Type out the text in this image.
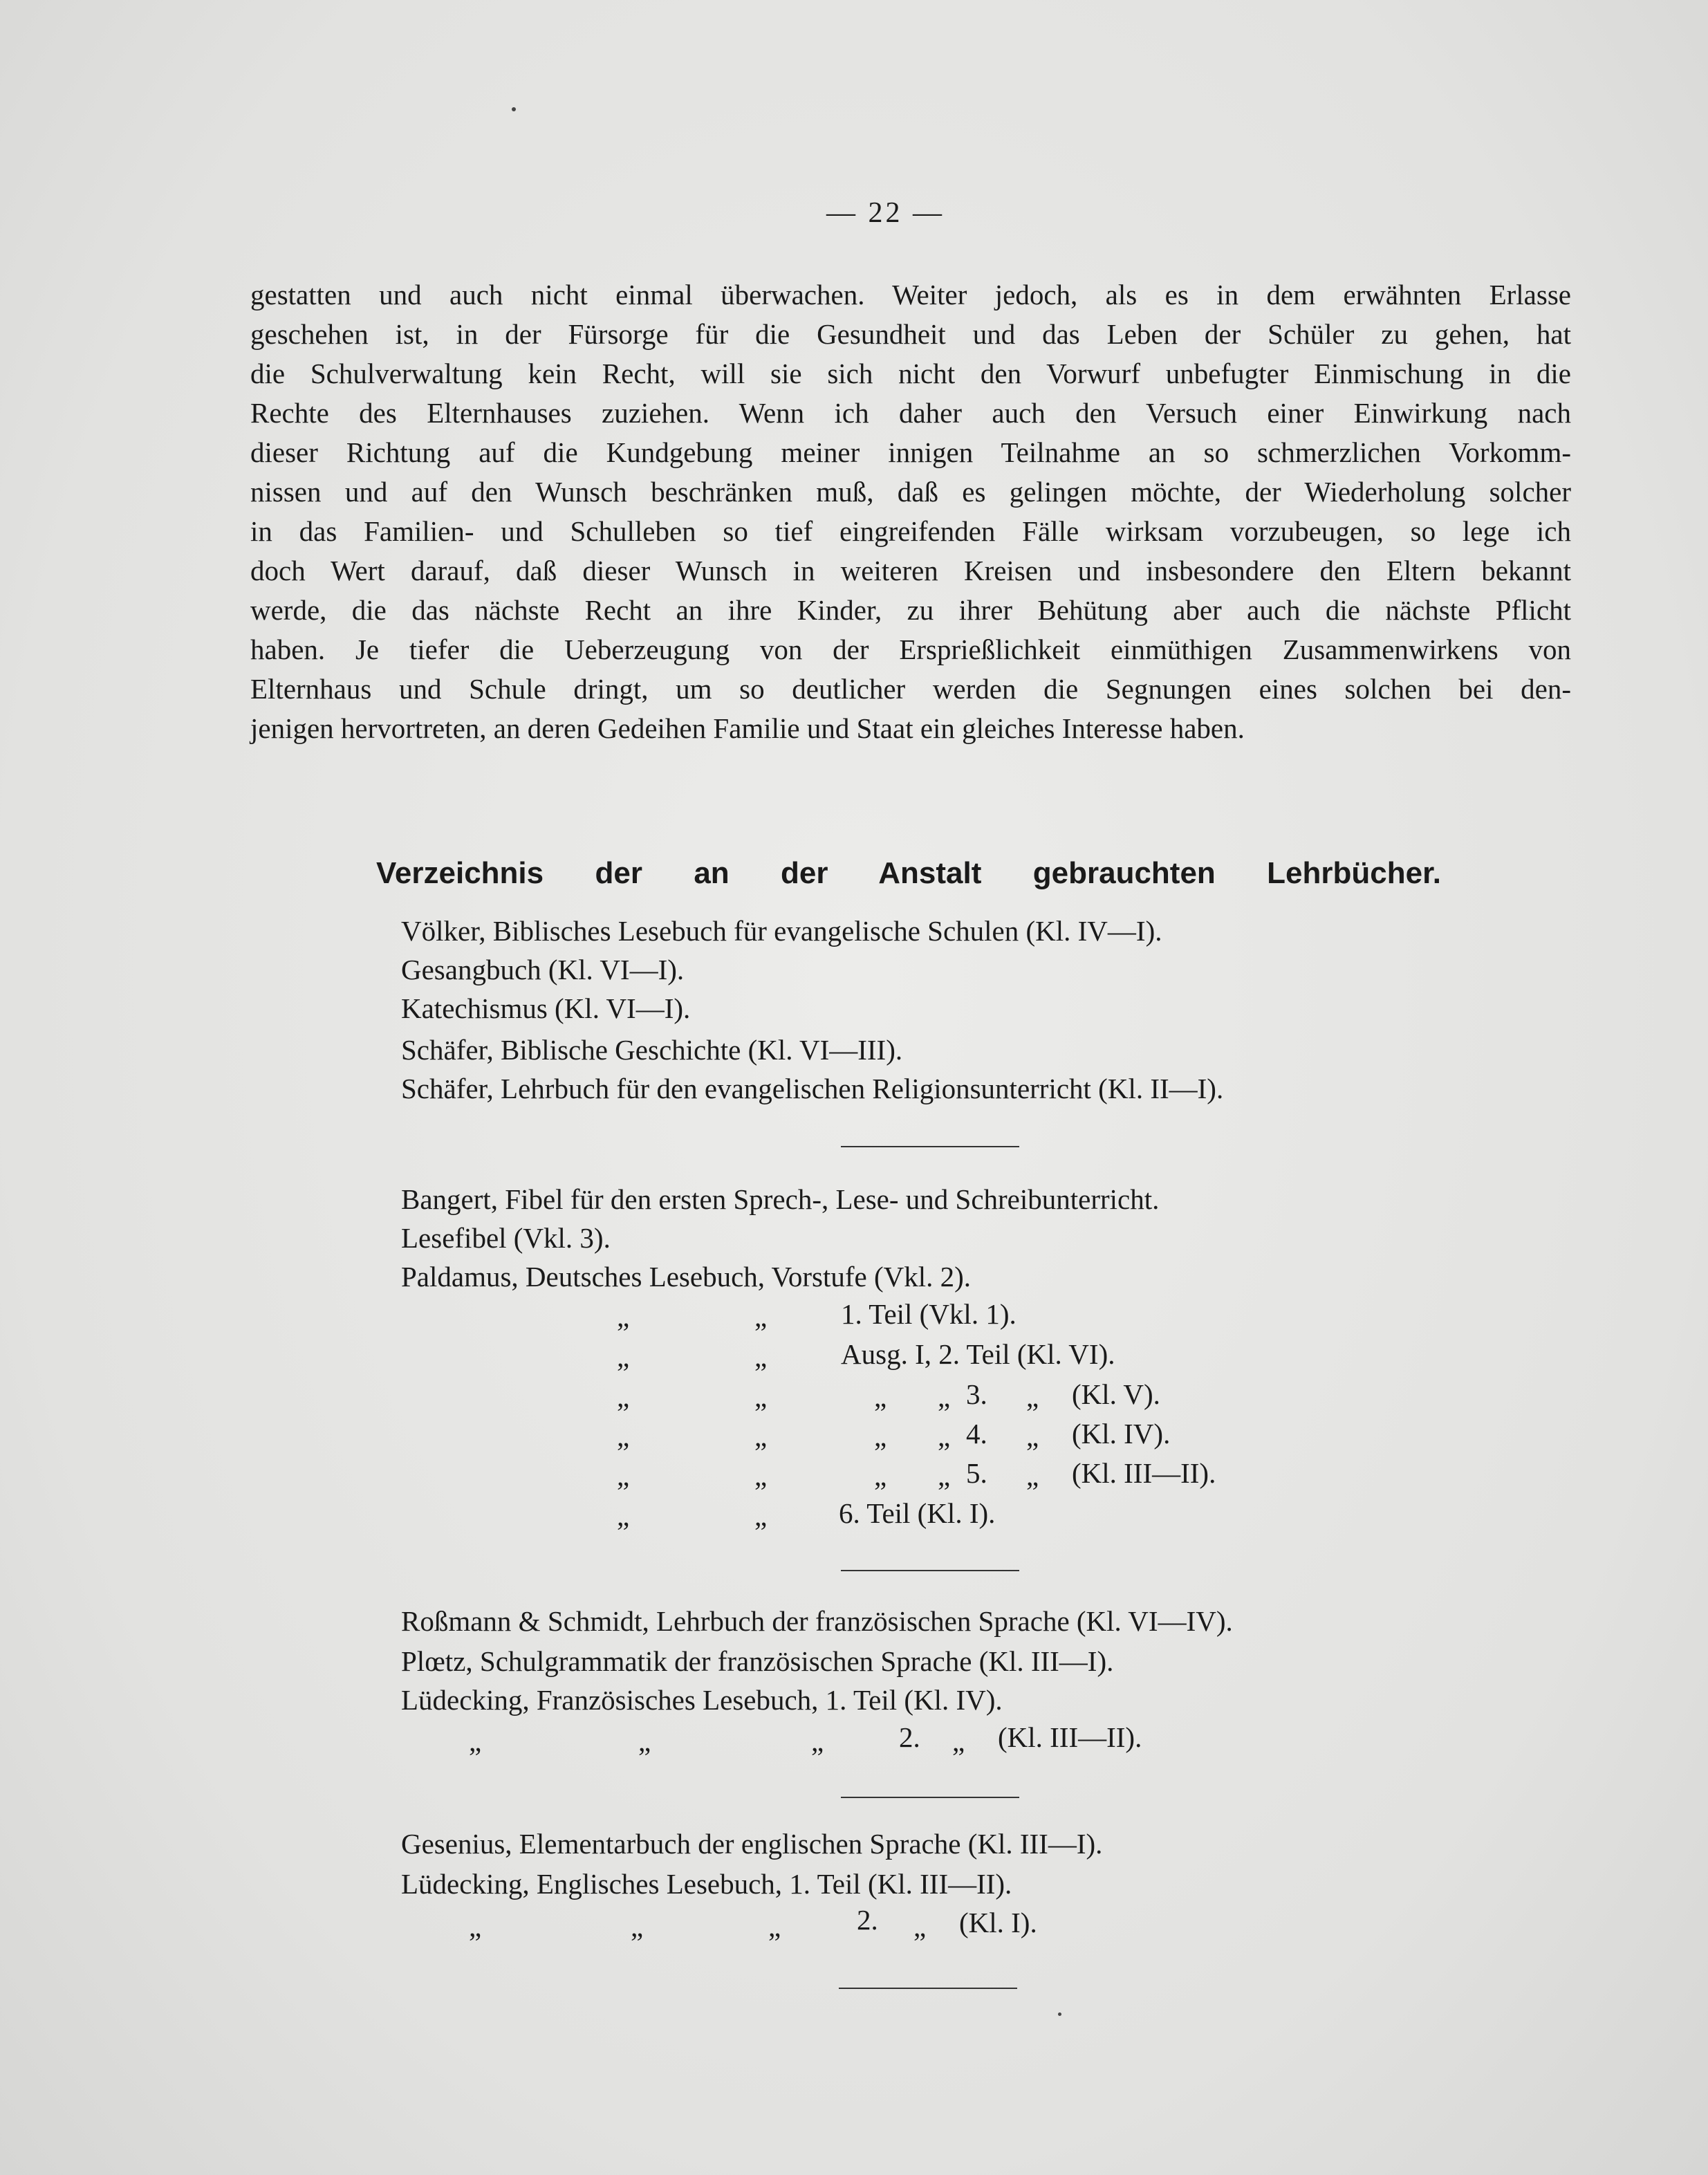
— 22 —
gestatten und auch nicht einmal überwachen. Weiter jedoch, als es in dem erwähnten Erlasse
geschehen ist, in der Fürsorge für die Gesundheit und das Leben der Schüler zu gehen, hat
die Schulverwaltung kein Recht, will sie sich nicht den Vorwurf unbefugter Einmischung in die
Rechte des Elternhauses zuziehen. Wenn ich daher auch den Versuch einer Einwirkung nach
dieser Richtung auf die Kundgebung meiner innigen Teilnahme an so schmerzlichen Vorkomm-
nissen und auf den Wunsch beschränken muß, daß es gelingen möchte, der Wiederholung solcher
in das Familien- und Schulleben so tief eingreifenden Fälle wirksam vorzubeugen, so lege ich
doch Wert darauf, daß dieser Wunsch in weiteren Kreisen und insbesondere den Eltern bekannt
werde, die das nächste Recht an ihre Kinder, zu ihrer Behütung aber auch die nächste Pflicht
haben. Je tiefer die Ueberzeugung von der Ersprießlichkeit einmüthigen Zusammenwirkens von
Elternhaus und Schule dringt, um so deutlicher werden die Segnungen eines solchen bei den-
jenigen hervortreten, an deren Gedeihen Familie und Staat ein gleiches Interesse haben.
Verzeichnis der an der Anstalt gebrauchten Lehrbücher.
Völker, Biblisches Lesebuch für evangelische Schulen (Kl. IV—I).
Gesangbuch (Kl. VI—I).
Katechismus (Kl. VI—I).
Schäfer, Biblische Geschichte (Kl. VI—III).
Schäfer, Lehrbuch für den evangelischen Religionsunterricht (Kl. II—I).
Bangert, Fibel für den ersten Sprech-, Lese- und Schreibunterricht.
Lesefibel (Vkl. 3).
Paldamus, Deutsches Lesebuch, Vorstufe (Vkl. 2).
„	„	1. Teil (Vkl. 1).
„	„	Ausg. I, 2. Teil (Kl. VI).
„	„	„ „ 3. „ (Kl. V).
„	„	„ „ 4. „ (Kl. IV).
„	„	„ „ 5. „ (Kl. III—II).
„	„	6. Teil (Kl. I).
Roßmann & Schmidt, Lehrbuch der französischen Sprache (Kl. VI—IV).
Plœtz, Schulgrammatik der französischen Sprache (Kl. III—I).
Lüdecking, Französisches Lesebuch, 1. Teil (Kl. IV).
„	„	„	2. „ (Kl. III—II).
Gesenius, Elementarbuch der englischen Sprache (Kl. III—I).
Lüdecking, Englisches Lesebuch, 1. Teil (Kl. III—II).
„	„	„	2. „ (Kl. I).
